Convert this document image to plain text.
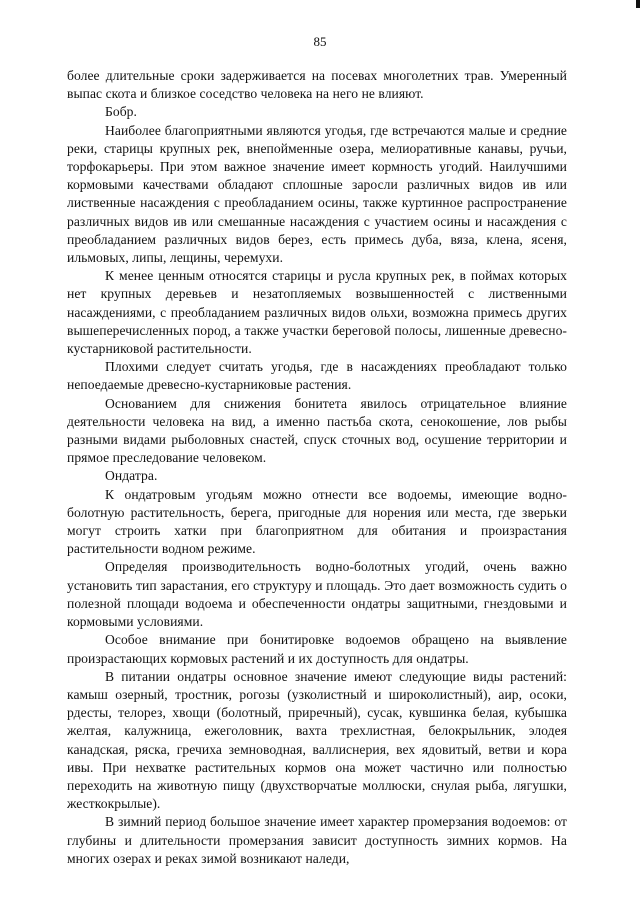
85

более длительные сроки задерживается на посевах многолетних трав. Умеренный выпас скота и близкое соседство человека на него не влияют.

Бобр.

Наиболее благоприятными являются угодья, где встречаются малые и средние реки, старицы крупных рек, внепойменные озера, мелиоративные канавы, ручьи, торфокарьеры. При этом важное значение имеет кормность угодий. Наилучшими кормовыми качествами обладают сплошные заросли различных видов ив или лиственные насаждения с преобладанием осины, также куртинное распространение различных видов ив или смешанные насаждения с участием осины и насаждения с преобладанием различных видов берез, есть примесь дуба, вяза, клена, ясеня, ильмовых, липы, лещины, черемухи.

К менее ценным относятся старицы и русла крупных рек, в поймах которых нет крупных деревьев и незатопляемых возвышенностей с лиственными насаждениями, с преобладанием различных видов ольхи, возможна примесь других вышеперечисленных пород, а также участки береговой полосы, лишенные древесно-кустарниковой растительности.

Плохими следует считать угодья, где в насаждениях преобладают только непоедаемые древесно-кустарниковые растения.

Основанием для снижения бонитета явилось отрицательное влияние деятельности человека на вид, а именно пастьба скота, сенокошение, лов рыбы разными видами рыболовных снастей, спуск сточных вод, осушение территории и прямое преследование человеком.

Ондатра.

К ондатровым угодьям можно отнести все водоемы, имеющие водно-болотную растительность, берега, пригодные для норения или места, где зверьки могут строить хатки при благоприятном для обитания и произрастания растительности водном режиме.

Определяя производительность водно-болотных угодий, очень важно установить тип зарастания, его структуру и площадь. Это дает возможность судить о полезной площади водоема и обеспеченности ондатры защитными, гнездовыми и кормовыми условиями.

Особое внимание при бонитировке водоемов обращено на выявление произрастающих кормовых растений и их доступность для ондатры.

В питании ондатры основное значение имеют следующие виды растений: камыш озерный, тростник, рогозы (узколистный и широколистный), аир, осоки, рдесты, телорез, хвощи (болотный, приречный), сусак, кувшинка белая, кубышка желтая, калужница, ежеголовник, вахта трехлистная, белокрыльник, элодея канадская, ряска, гречиха земноводная, валлиснерия, вех ядовитый, ветви и кора ивы. При нехватке растительных кормов она может частично или полностью переходить на животную пищу (двухстворчатые моллюски, снулая рыба, лягушки, жесткокрылые).

В зимний период большое значение имеет характер промерзания водоемов: от глубины и длительности промерзания зависит доступность зимних кормов. На многих озерах и реках зимой возникают наледи,
